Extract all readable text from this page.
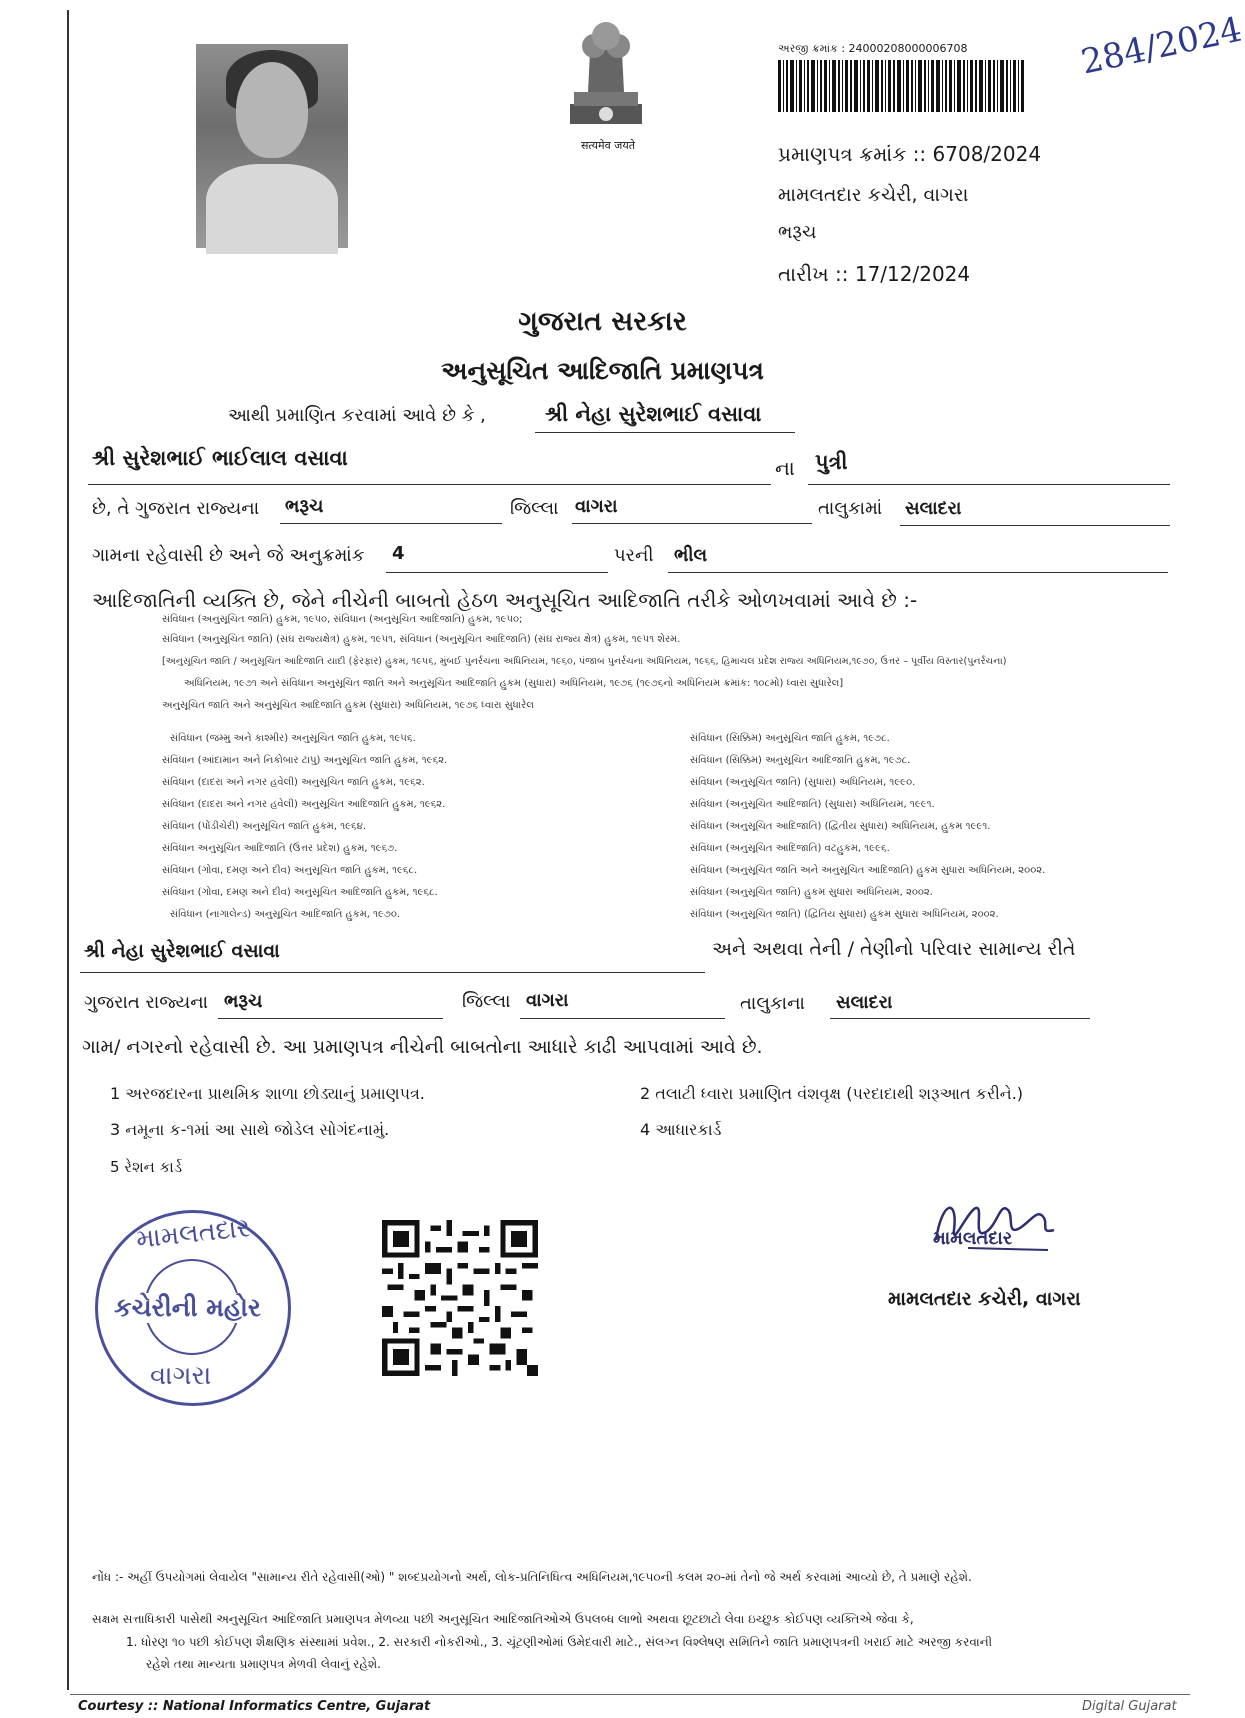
सत्यमेव जयते
અરજી ક્રમાંક : 24000208000006708	284/2024
પ્રમાણપત્ર ક્રમાંક :: 6708/2024
મામલતદાર કચેરી, વાગરા
ભરૂચ
તારીખ :: 17/12/2024
ગુજરાત સરકાર
અનુસૂચિત આદિજાતિ પ્રમાણપત્ર
આથી પ્રમાણિત કરવામાં આવે છે કે ,	શ્રી નેહા સુરેશભાઈ વસાવા
શ્રી સુરેશભાઈ ભાઈલાલ વસાવા	ના પુત્રી
છે, તે ગુજરાત રાજ્યના ભરૂચ	જિલ્લા વાગરા	તાલુકામાં સલાદરા
ગામના રહેવાસી છે અને જે અનુક્રમાંક 4	પરની ભીલ
આદિજાતિની વ્યક્તિ છે, જેને નીચેની બાબતો હેઠળ અનુસૂચિત આદિજાતિ તરીકે ઓળખવામાં આવે છે :-
સંવિધાન (અનુસૂચિત જાતિ) હુકમ, ૧૯૫૦, સંવિધાન (અનુસૂચિત આદિજાતિ) હુકમ, ૧૯૫૦;
સંવિધાન (અનુસૂચિત જાતિ) (સંઘ રાજ્યક્ષેત્ર) હુકમ, ૧૯૫૧, સંવિધાન (અનુસૂચિત આદિજાતિ) (સંઘ રાજ્ય ક્ષેત્ર) હુકમ, ૧૯૫૧ શેરમ.
[અનુસૂચિત જાતિ / અનુસૂચિત આદિજાતિ યાદી (ફેરફાર) હુકમ, ૧૯૫૬, મુંબઈ પુનર્રચના અધિનિયમ, ૧૯૬૦, પંજાબ પુનર્રચના અધિનિયમ, ૧૯૬૬, હિમાચલ પ્રદેશ રાજ્ય અધિનિયમ,૧૯૭૦, ઉત્તર – પૂર્વીય વિસ્તાર(પુનર્રચના)
અધિનિયમ, ૧૯૭૧ અને સંવિધાન અનુસૂચિત જાતિ અને અનુસૂચિત આદિજાતિ હુકમ (સુધારા) અધિનિયમ, ૧૯૭૬ (૧૯૭૬નો અધિનિયમ ક્રમાંક: ૧૦૮મો) ધ્વારા સુધારેલ]
અનુસૂચિત જાતિ અને અનુસૂચિત આદિજાતિ હુકમ (સુધારા) અધિનિયમ, ૧૯૭૬ ધ્વારા સુધારેલ
સંવિધાન (જમ્મુ અને કાશ્મીર) અનુસૂચિત જાતિ હુકમ, ૧૯૫૬.
સંવિધાન (આંદામાન અને નિકોબાર ટાપુ) અનુસૂચિત જાતિ હુકમ, ૧૯૬૨.
સંવિધાન (દાદરા અને નગર હવેલી) અનુસૂચિત જાતિ હુકમ, ૧૯૬૨.
સંવિધાન (દાદરા અને નગર હવેલી) અનુસૂચિત આદિજાતિ હુકમ, ૧૯૬૨.
સંવિધાન (પોંડીચેરી) અનુસૂચિત જાતિ હુકમ, ૧૯૬૪.
સંવિધાન અનુસૂચિત આદિજાતિ (ઉત્તર પ્રદેશ) હુકમ, ૧૯૬૭.
સંવિધાન (ગોવા, દમણ અને દીવ) અનુસૂચિત જાતિ હુકમ, ૧૯૬૮.
સંવિધાન (ગોવા, દમણ અને દીવ) અનુસૂચિત આદિજાતિ હુકમ, ૧૯૬૮.
સંવિધાન (નાગાલેન્ડ) અનુસૂચિત આદિજાતિ હુકમ, ૧૯૭૦.
સંવિધાન (સિક્કિમ) અનુસૂચિત જાતિ હુકમ, ૧૯૭૮.
સંવિધાન (સિક્કિમ) અનુસૂચિત આદિજાતિ હુકમ, ૧૯૭૮.
સંવિધાન (અનુસૂચિત જાતિ) (સુધારા) અધિનિયમ, ૧૯૯૦.
સંવિધાન (અનુસૂચિત આદિજાતિ) (સુધારા) અધિનિયમ, ૧૯૯૧.
સંવિધાન (અનુસૂચિત આદિજાતિ) (દ્વિતીય સુધારા) અધિનિયમ, હુકમ ૧૯૯૧.
સંવિધાન (અનુસૂચિત આદિજાતિ) વટહુકમ, ૧૯૯૬.
સંવિધાન (અનુસૂચિત જાતિ અને અનુસૂચિત આદિજાતિ) હુકમ સુધારા અધિનિયમ, ૨૦૦૨.
સંવિધાન (અનુસૂચિત જાતિ) હુકમ સુધારા અધિનિયમ, ૨૦૦૨.
સંવિધાન (અનુસૂચિત જાતિ) (દ્વિતિય સુધારા) હુકમ સુધારા અધિનિયમ, ૨૦૦૨.
શ્રી નેહા સુરેશભાઈ વસાવા	અને અથવા તેની / તેણીનો પરિવાર સામાન્ય રીતે
ગુજરાત રાજ્યના ભરૂચ	જિલ્લા વાગરા	તાલુકાના સલાદરા
ગામ/ નગરનો રહેવાસી છે. આ પ્રમાણપત્ર નીચેની બાબતોના આધારે કાઢી આપવામાં આવે છે.
1 અરજદારના પ્રાથમિક શાળા છોડ્યાનું પ્રમાણપત્ર.	2 તલાટી ધ્વારા પ્રમાણિત વંશવૃક્ષ (પરદાદાથી શરૂઆત કરીને.)
3 નમૂના ક-૧માં આ સાથે જોડેલ સોગંદનામું.	4 આધારકાર્ડ
5 રેશન કાર્ડ
મામલતદાર
કચેરીની મહોર
વાગરા
મામલતદાર
મામલતદાર કચેરી, વાગરા
નોંધ :- અહીં ઉપયોગમાં લેવાયેલ "સામાન્ય રીતે રહેવાસી(ઓ) " શબ્દપ્રયોગનો અર્થ, લોક-પ્રતિનિધિત્વ અધિનિયમ,૧૯૫૦ની કલમ ૨૦-માં તેનો જે અર્થ કરવામાં આવ્યો છે, તે પ્રમાણે રહેશે.
સક્ષમ સત્તાધિકારી પાસેથી અનુસૂચિત આદિજાતિ પ્રમાણપત્ર મેળવ્યા પછી અનુસૂચિત આદિજાતિઓએ ઉપલબ્ધ લાભો અથવા છૂટછાટો લેવા ઇચ્છુક કોઈપણ વ્યક્તિએ જેવા કે,
1. ધોરણ ૧૦ પછી કોઈપણ શૈક્ષણિક સંસ્થામાં પ્રવેશ., 2. સરકારી નોકરીઓ., 3. ચૂંટણીઓમાં ઉમેદવારી માટે., સંલગ્ન વિશ્લેષણ સમિતિને જાતિ પ્રમાણપત્રની ખરાઈ માટે અરજી કરવાની
રહેશે તથા માન્યતા પ્રમાણપત્ર મેળવી લેવાનું રહેશે.
Courtesy :: National Informatics Centre, Gujarat	Digital Gujarat
